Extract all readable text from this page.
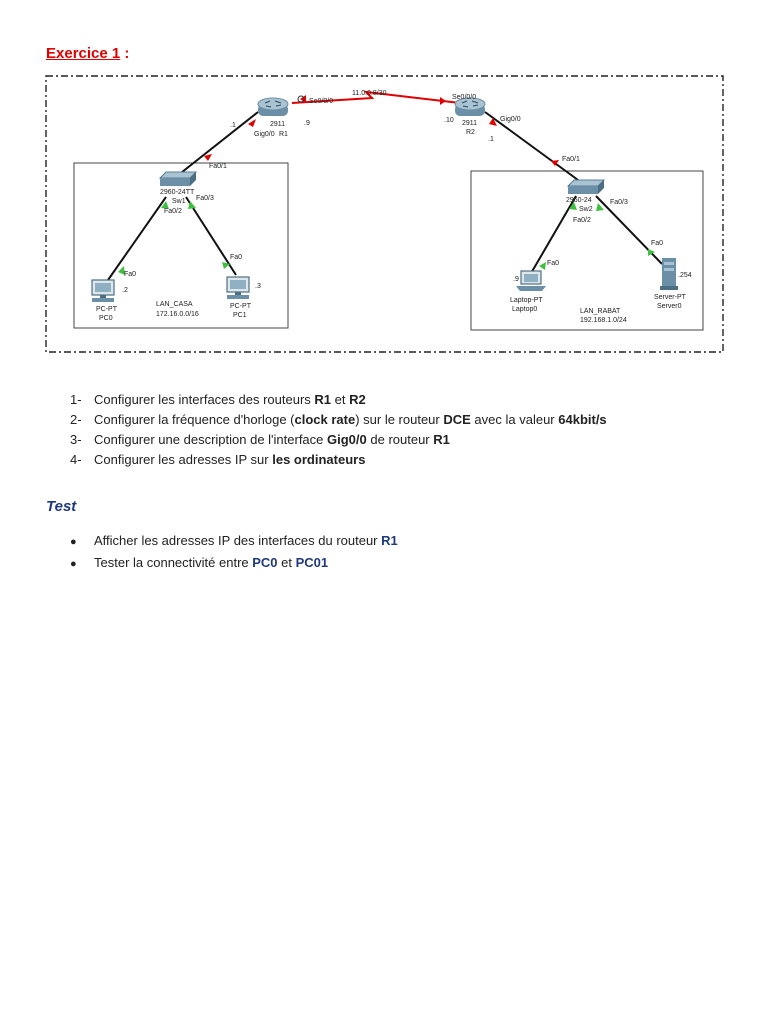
Exercice 1 :
11.0.0.8/30
Se0/0/0
2911
Gig0/0 R1
.1	.9
Se0/0/0
2911
R2
.10	Gig0/0
.1
Fa0/1
2960-24TT
Sw1 Fa0/3
Fa0/2
Fa0/1
2960-24
Sw2
Fa0/3
Fa0/2
Fa0
.2
PC-PT
PC0
Fa0
.3
PC-PT
PC1
LAN_CASA
172.16.0.0/16
Fa0
.9
Laptop-PT
Laptop0
Fa0
.254
Server-PT
Server0
LAN_RABAT
192.168.1.0/24
1- Configurer les interfaces des routeurs R1 et R2
2- Configurer la fréquence d'horloge (clock rate) sur le routeur DCE avec la valeur 64kbit/s
3- Configurer une description de l'interface Gig0/0 de routeur R1
4- Configurer les adresses IP sur les ordinateurs
Test
● Afficher les adresses IP des interfaces du routeur R1
● Tester la connectivité entre PC0 et PC01
